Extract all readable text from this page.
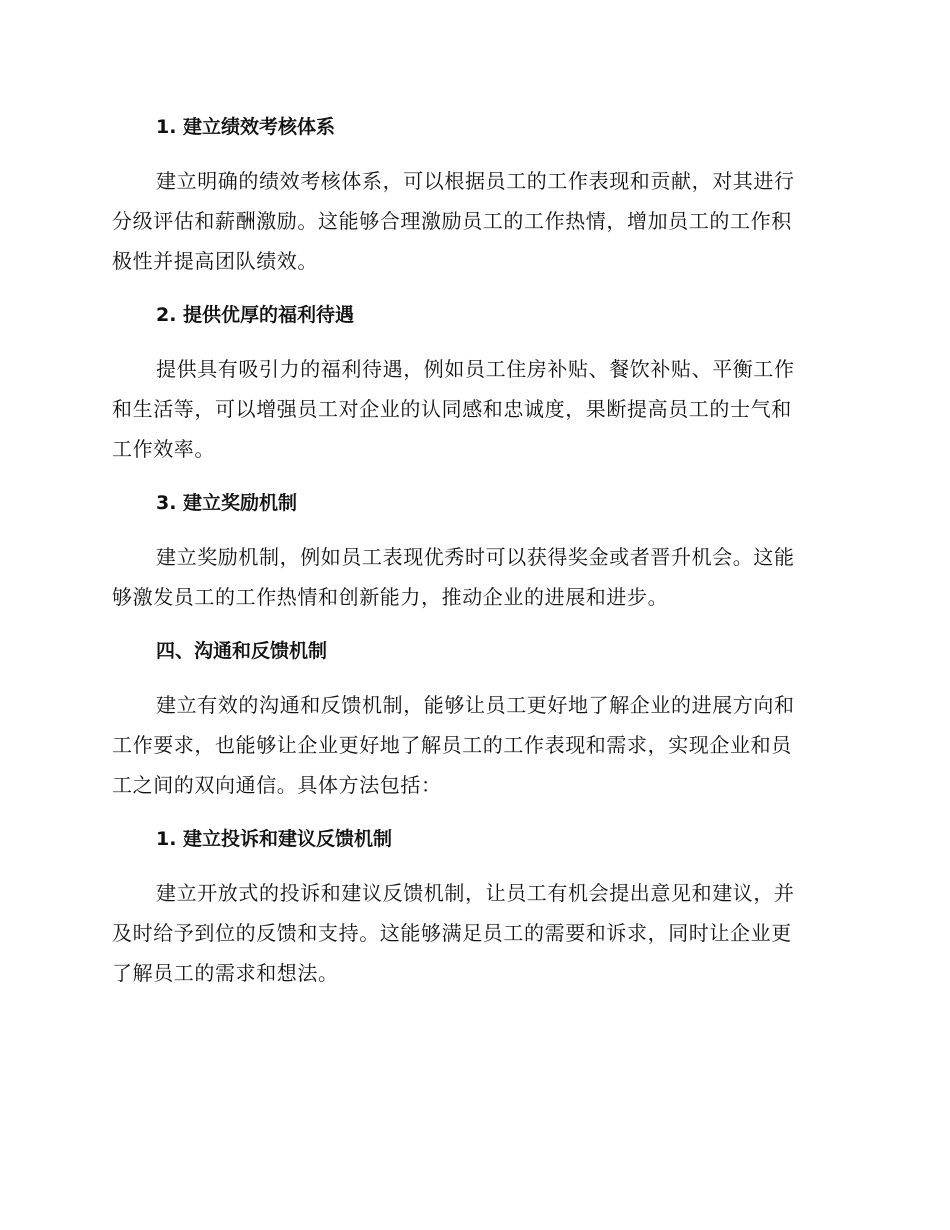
1. 建立绩效考核体系

建立明确的绩效考核体系，可以根据员工的工作表现和贡献，对其进行
分级评估和薪酬激励。这能够合理激励员工的工作热情，增加员工的工作积
极性并提高团队绩效。

2. 提供优厚的福利待遇

提供具有吸引力的福利待遇，例如员工住房补贴、餐饮补贴、平衡工作
和生活等，可以增强员工对企业的认同感和忠诚度，果断提高员工的士气和
工作效率。

3. 建立奖励机制

建立奖励机制，例如员工表现优秀时可以获得奖金或者晋升机会。这能
够激发员工的工作热情和创新能力，推动企业的进展和进步。

四、沟通和反馈机制

建立有效的沟通和反馈机制，能够让员工更好地了解企业的进展方向和
工作要求，也能够让企业更好地了解员工的工作表现和需求，实现企业和员
工之间的双向通信。具体方法包括：

1. 建立投诉和建议反馈机制

建立开放式的投诉和建议反馈机制，让员工有机会提出意见和建议，并
及时给予到位的反馈和支持。这能够满足员工的需要和诉求，同时让企业更
了解员工的需求和想法。
